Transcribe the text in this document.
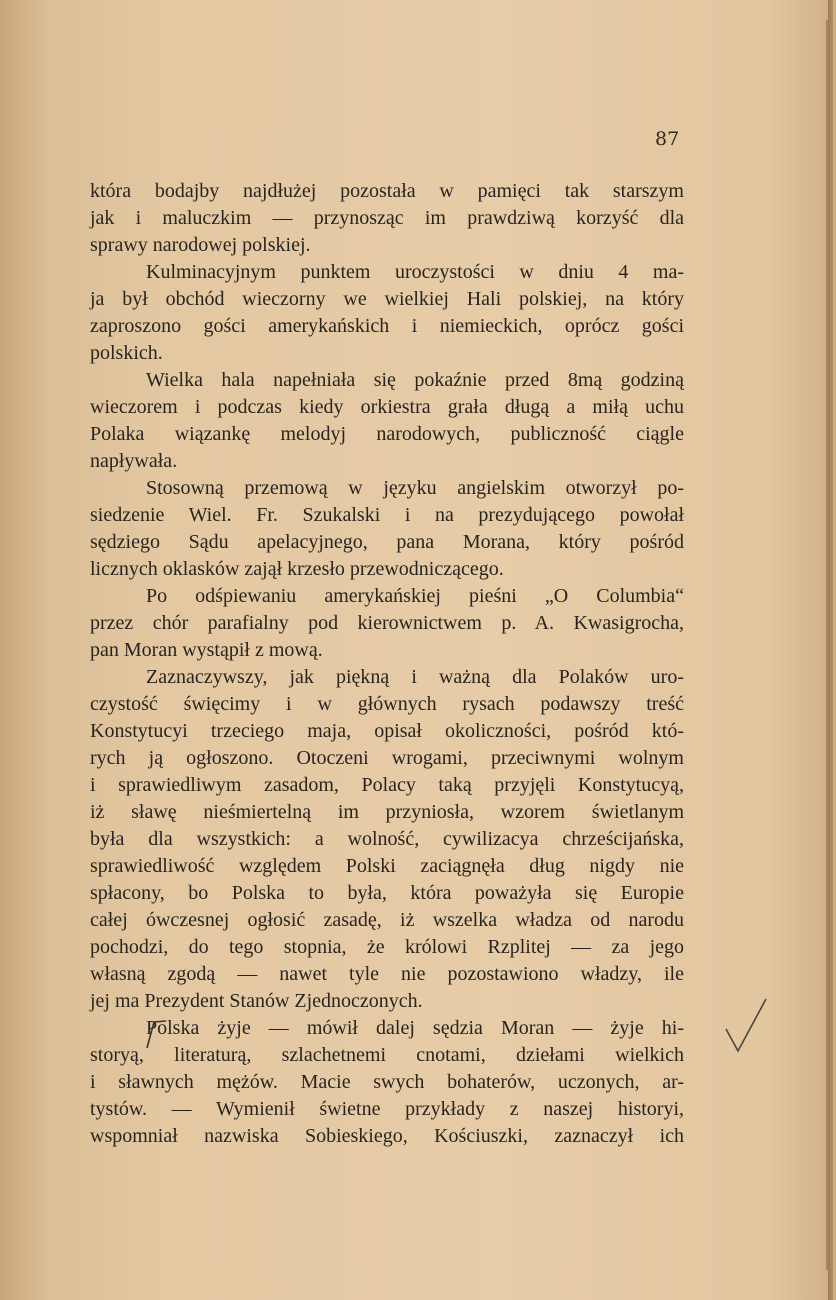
87
która bodajby najdłużej pozostała w pamięci tak starszym
jak i maluczkim — przynosząc im prawdziwą korzyść dla
sprawy narodowej polskiej.
Kulminacyjnym punktem uroczystości w dniu 4 ma-
ja był obchód wieczorny we wielkiej Hali polskiej, na który
zaproszono gości amerykańskich i niemieckich, oprócz gości
polskich.
Wielka hala napełniała się pokaźnie przed 8mą godziną
wieczorem i podczas kiedy orkiestra grała długą a miłą uchu
Polaka wiązankę melodyj narodowych, publiczność ciągle
napływała.
Stosowną przemową w języku angielskim otworzył po-
siedzenie Wiel. Fr. Szukalski i na prezydującego powołał
sędziego Sądu apelacyjnego, pana Morana, który pośród
licznych oklasków zajął krzesło przewodniczącego.
Po odśpiewaniu amerykańskiej pieśni „O Columbia“
przez chór parafialny pod kierownictwem p. A. Kwasigrocha,
pan Moran wystąpił z mową.
Zaznaczywszy, jak piękną i ważną dla Polaków uro-
czystość święcimy i w głównych rysach podawszy treść
Konstytucyi trzeciego maja, opisał okoliczności, pośród któ-
rych ją ogłoszono. Otoczeni wrogami, przeciwnymi wolnym
i sprawiedliwym zasadom, Polacy taką przyjęli Konstytucyą,
iż sławę nieśmiertelną im przyniosła, wzorem świetlanym
była dla wszystkich: a wolność, cywilizacya chrześcijańska,
sprawiedliwość względem Polski zaciągnęła dług nigdy nie
spłacony, bo Polska to była, która poważyła się Europie
całej ówczesnej ogłosić zasadę, iż wszelka władza od narodu
pochodzi, do tego stopnia, że królowi Rzplitej — za jego
własną zgodą — nawet tyle nie pozostawiono władzy, ile
jej ma Prezydent Stanów Zjednoczonych.
Polska żyje — mówił dalej sędzia Moran — żyje hi-
storyą, literaturą, szlachetnemi cnotami, dziełami wielkich
i sławnych mężów. Macie swych bohaterów, uczonych, ar-
tystów. — Wymienił świetne przykłady z naszej historyi,
wspomniał nazwiska Sobieskiego, Kościuszki, zaznaczył ich
